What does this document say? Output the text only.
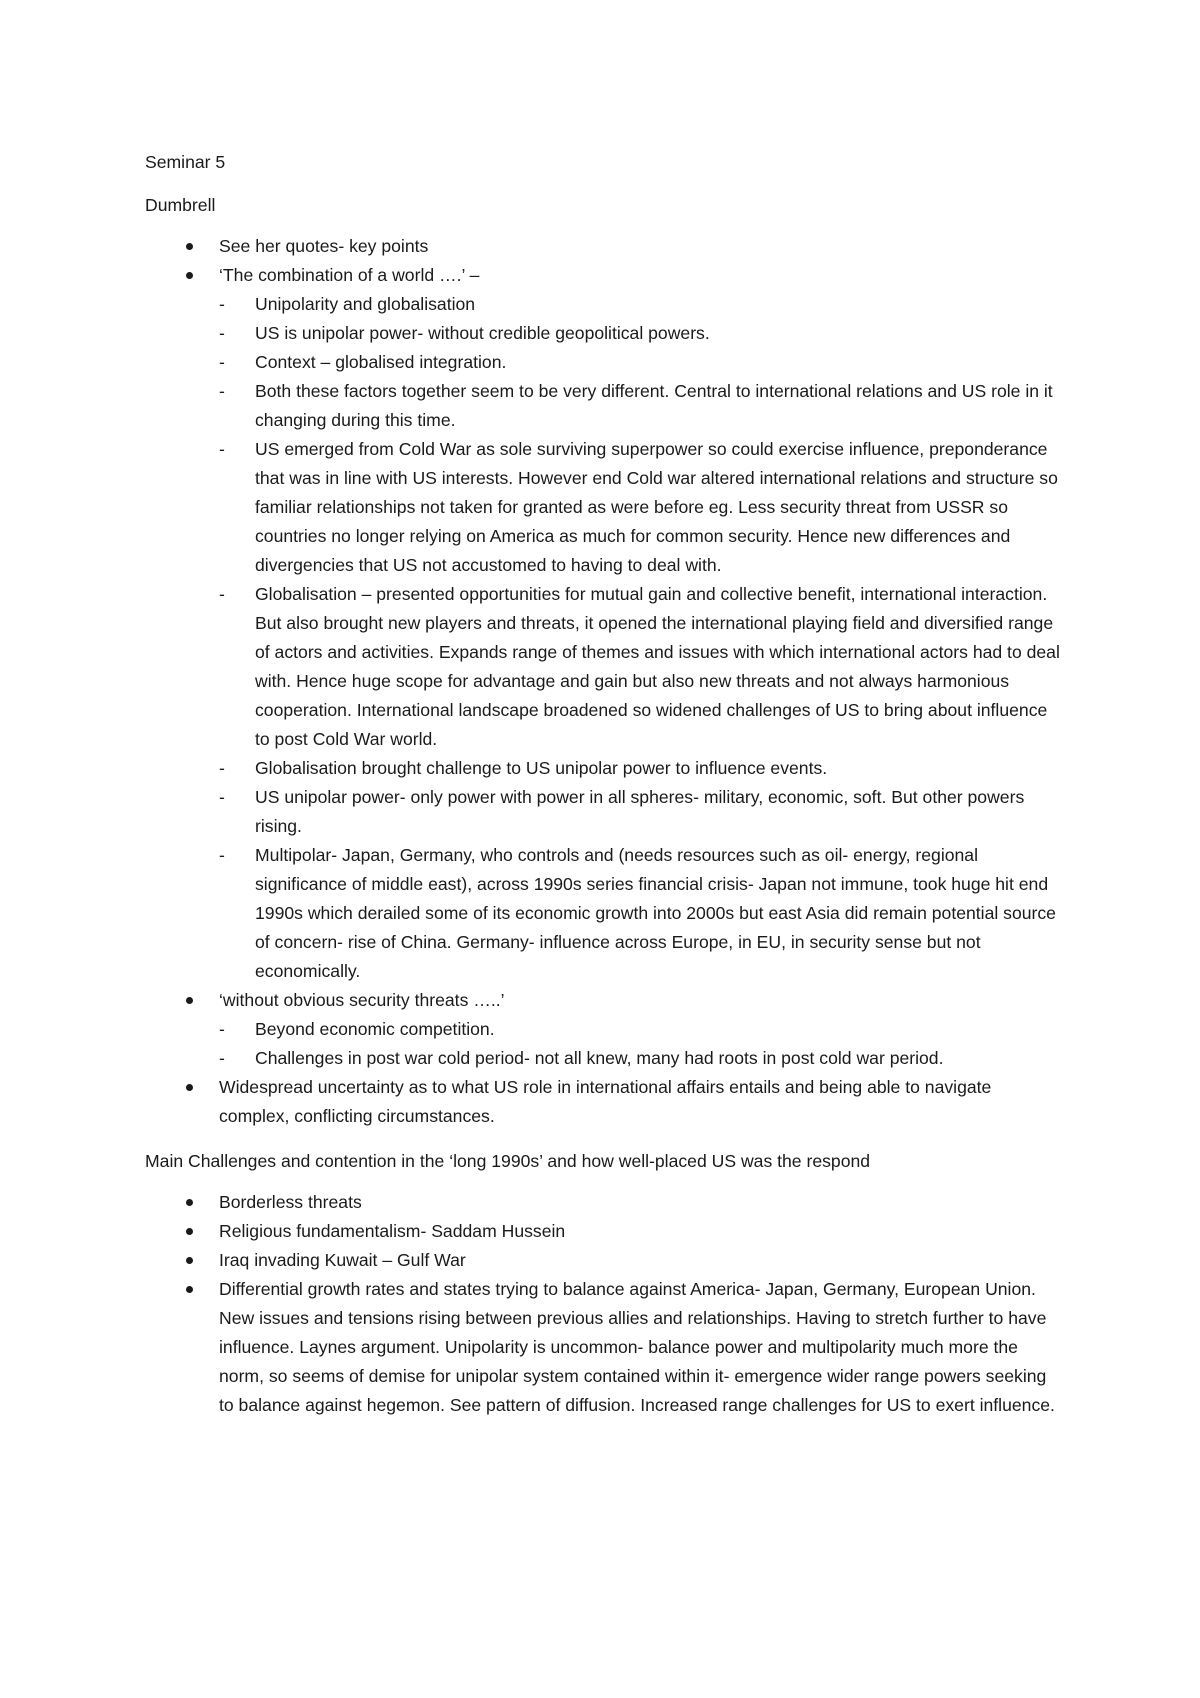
Seminar 5

Dumbrell

See her quotes- key points
‘The combination of a world ….’ –
- Unipolarity and globalisation
- US is unipolar power- without credible geopolitical powers.
- Context – globalised integration.
- Both these factors together seem to be very different. Central to international relations and US role in it changing during this time.
- US emerged from Cold War as sole surviving superpower so could exercise influence, preponderance that was in line with US interests. However end Cold war altered international relations and structure so familiar relationships not taken for granted as were before eg. Less security threat from USSR so countries no longer relying on America as much for common security. Hence new differences and divergencies that US not accustomed to having to deal with.
- Globalisation – presented opportunities for mutual gain and collective benefit, international interaction. But also brought new players and threats, it opened the international playing field and diversified range of actors and activities. Expands range of themes and issues with which international actors had to deal with. Hence huge scope for advantage and gain but also new threats and not always harmonious cooperation. International landscape broadened so widened challenges of US to bring about influence to post Cold War world.
- Globalisation brought challenge to US unipolar power to influence events.
- US unipolar power- only power with power in all spheres- military, economic, soft. But other powers rising.
- Multipolar- Japan, Germany, who controls and (needs resources such as oil- energy, regional significance of middle east), across 1990s series financial crisis- Japan not immune, took huge hit end 1990s which derailed some of its economic growth into 2000s but east Asia did remain potential source of concern- rise of China. Germany- influence across Europe, in EU, in security sense but not economically.
‘without obvious security threats …..’
- Beyond economic competition.
- Challenges in post war cold period- not all knew, many had roots in post cold war period.
Widespread uncertainty as to what US role in international affairs entails and being able to navigate complex, conflicting circumstances.

Main Challenges and contention in the ‘long 1990s’ and how well-placed US was the respond

Borderless threats
Religious fundamentalism- Saddam Hussein
Iraq invading Kuwait – Gulf War
Differential growth rates and states trying to balance against America- Japan, Germany, European Union. New issues and tensions rising between previous allies and relationships. Having to stretch further to have influence. Laynes argument. Unipolarity is uncommon- balance power and multipolarity much more the norm, so seems of demise for unipolar system contained within it- emergence wider range powers seeking to balance against hegemon. See pattern of diffusion. Increased range challenges for US to exert influence.
